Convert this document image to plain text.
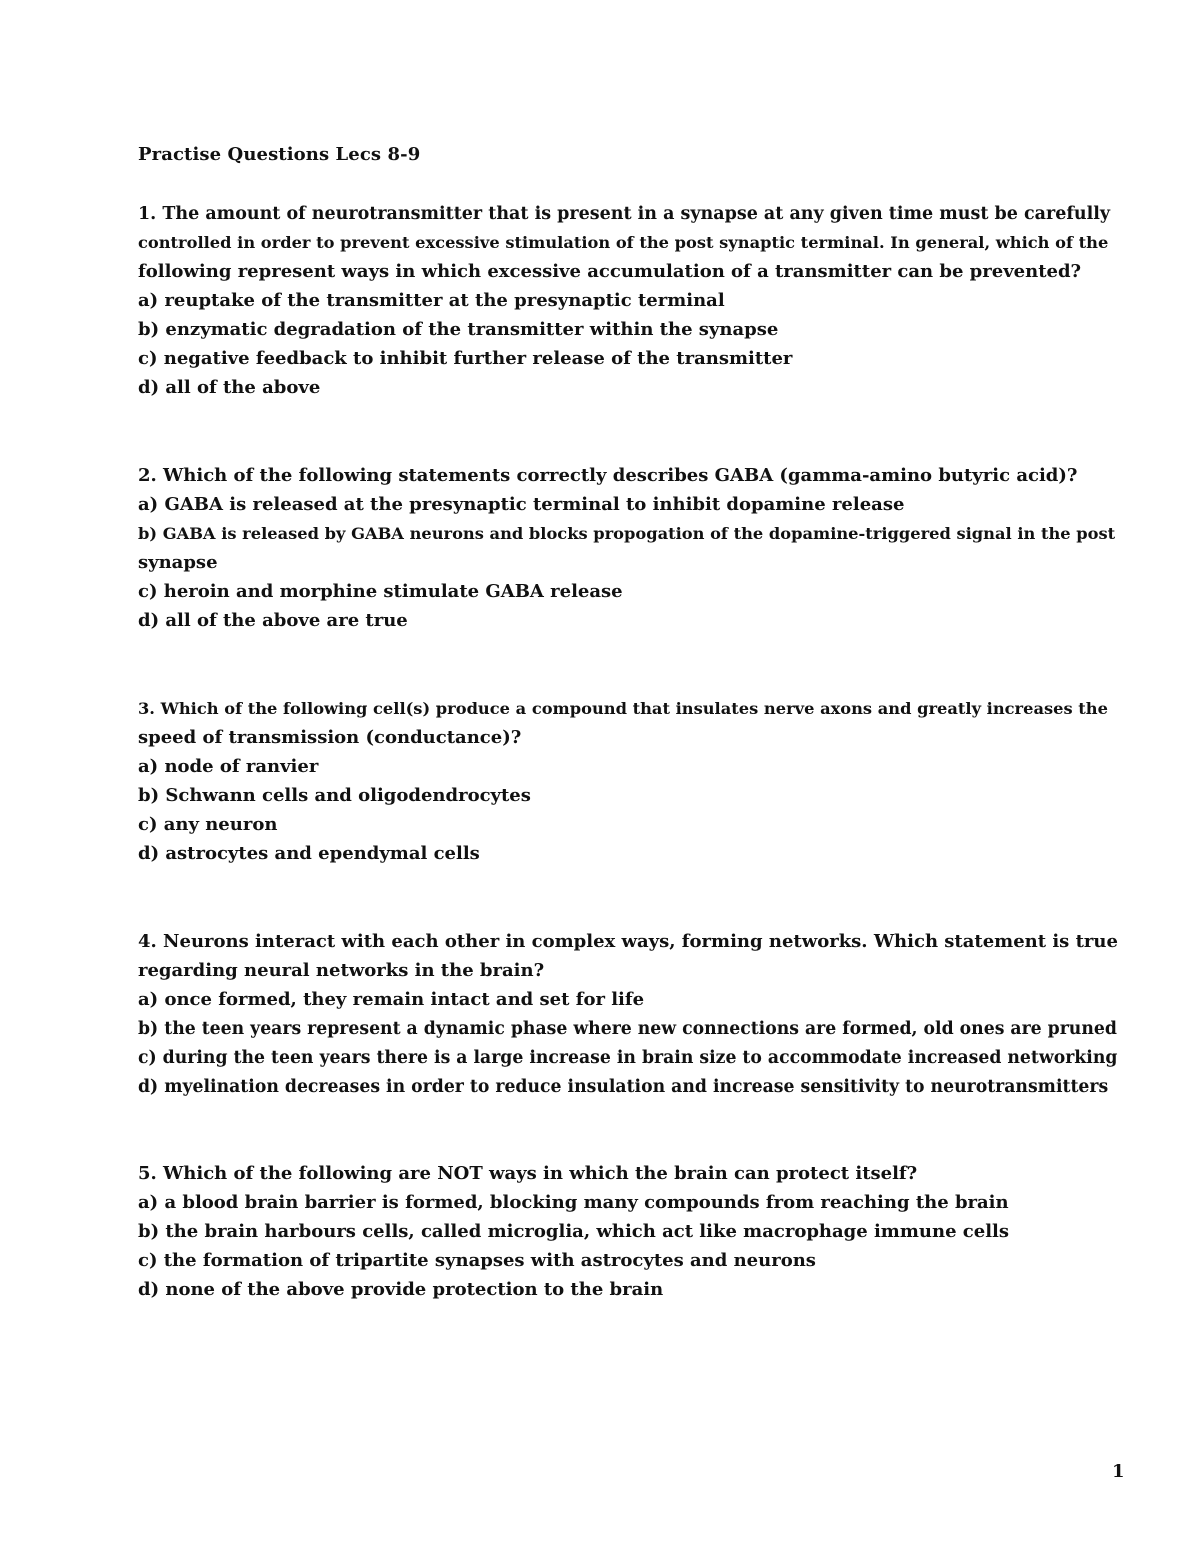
Practise Questions Lecs 8-9
1. The amount of neurotransmitter that is present in a synapse at any given time must be carefully
controlled in order to prevent excessive stimulation of the post synaptic terminal. In general, which of the
following represent ways in which excessive accumulation of a transmitter can be prevented?
a) reuptake of the transmitter at the presynaptic terminal
b) enzymatic degradation of the transmitter within the synapse
c) negative feedback to inhibit further release of the transmitter
d) all of the above
2. Which of the following statements correctly describes GABA (gamma-amino butyric acid)?
a) GABA is released at the presynaptic terminal to inhibit dopamine release
b) GABA is released by GABA neurons and blocks propogation of the dopamine-triggered signal in the post
synapse
c) heroin and morphine stimulate GABA release
d) all of the above are true
3. Which of the following cell(s) produce a compound that insulates nerve axons and greatly increases the
speed of transmission (conductance)?
a) node of ranvier
b) Schwann cells and oligodendrocytes
c) any neuron
d) astrocytes and ependymal cells
4. Neurons interact with each other in complex ways, forming networks. Which statement is true
regarding neural networks in the brain?
a) once formed, they remain intact and set for life
b) the teen years represent a dynamic phase where new connections are formed, old ones are pruned
c) during the teen years there is a large increase in brain size to accommodate increased networking
d) myelination decreases in order to reduce insulation and increase sensitivity to neurotransmitters
5. Which of the following are NOT ways in which the brain can protect itself?
a) a blood brain barrier is formed, blocking many compounds from reaching the brain
b) the brain harbours cells, called microglia, which act like macrophage immune cells
c) the formation of tripartite synapses with astrocytes and neurons
d) none of the above provide protection to the brain
1
